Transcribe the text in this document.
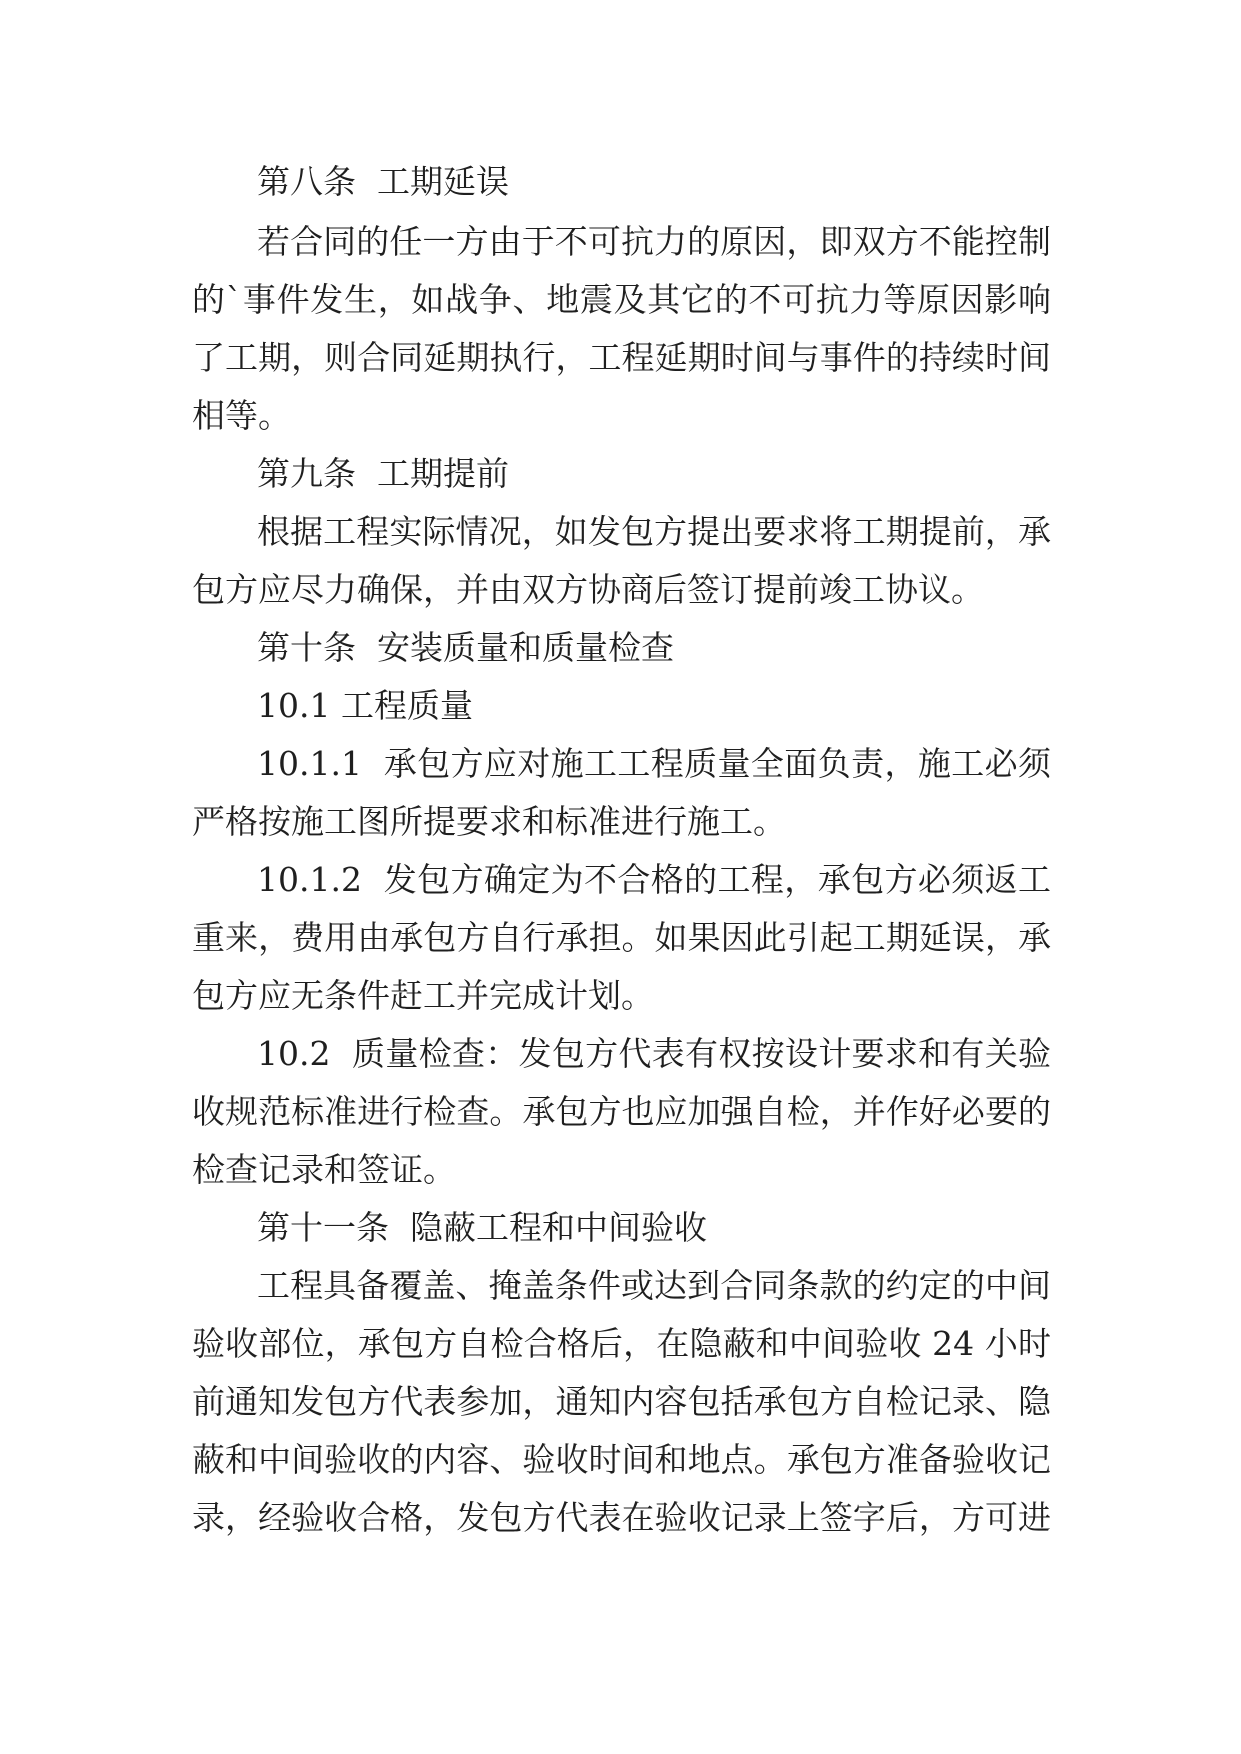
第八条  工期延误
若合同的任一方由于不可抗力的原因，即双方不能控制
的`事件发生，如战争、地震及其它的不可抗力等原因影响
了工期，则合同延期执行，工程延期时间与事件的持续时间
相等。
第九条  工期提前
根据工程实际情况，如发包方提出要求将工期提前，承
包方应尽力确保，并由双方协商后签订提前竣工协议。
第十条  安装质量和质量检查
10.1 工程质量
10.1.1  承包方应对施工工程质量全面负责，施工必须
严格按施工图所提要求和标准进行施工。
10.1.2  发包方确定为不合格的工程，承包方必须返工
重来，费用由承包方自行承担。如果因此引起工期延误，承
包方应无条件赶工并完成计划。
10.2  质量检查：发包方代表有权按设计要求和有关验
收规范标准进行检查。承包方也应加强自检，并作好必要的
检查记录和签证。
第十一条  隐蔽工程和中间验收
工程具备覆盖、掩盖条件或达到合同条款的约定的中间
验收部位，承包方自检合格后，在隐蔽和中间验收 24 小时
前通知发包方代表参加，通知内容包括承包方自检记录、隐
蔽和中间验收的内容、验收时间和地点。承包方准备验收记
录，经验收合格，发包方代表在验收记录上签字后，方可进
